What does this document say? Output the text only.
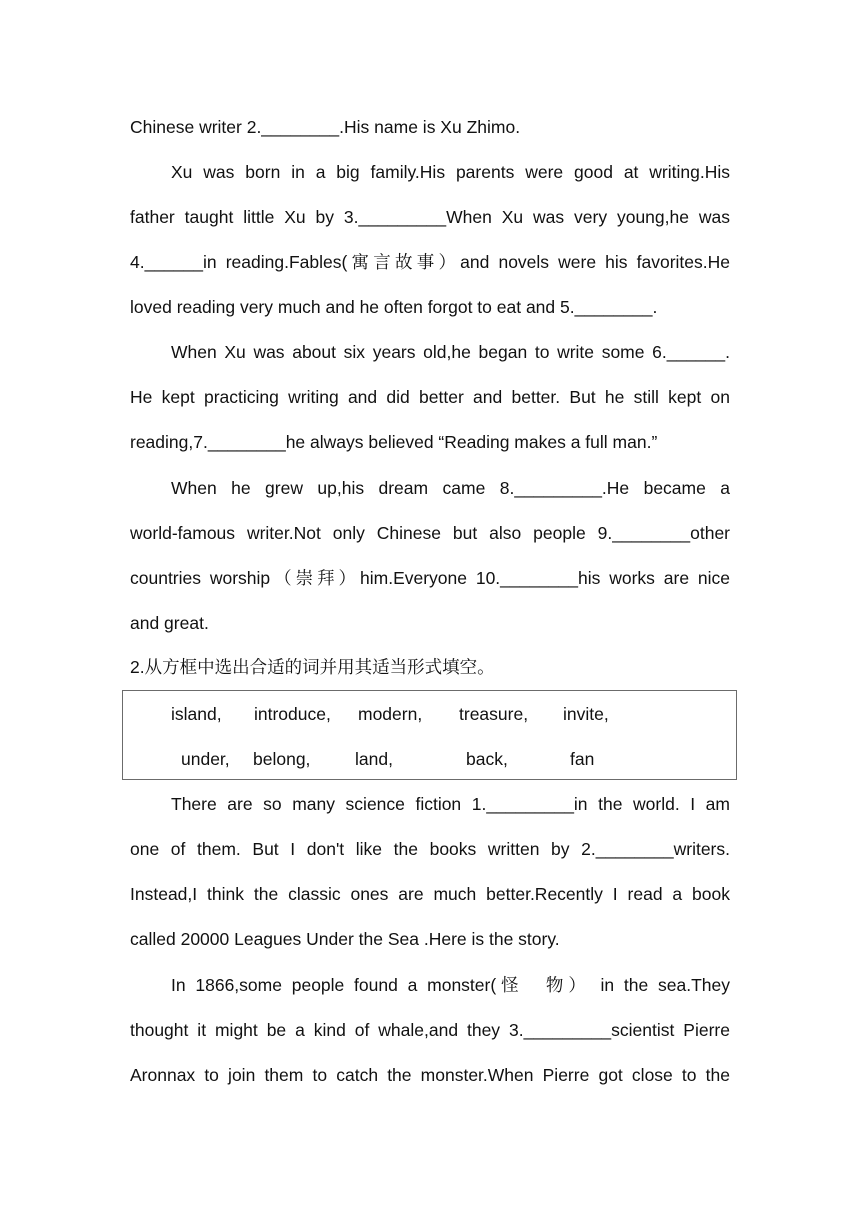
Chinese writer 2.________.His name is Xu Zhimo.
Xu was born in a big family.His parents were good at writing.His
father taught little Xu by 3._________When Xu was very young,he was
4.______in reading.Fables(寓言故事）and novels were his favorites.He
loved reading very much and he often forgot to eat and 5.________.
When Xu was about six years old,he began to write some 6.______.
He kept practicing writing and did better and better. But he still kept on
reading,7.________he always believed “Reading makes a full man.”
When he grew up,his dream came 8._________.He became a
world-famous writer.Not only Chinese but also people 9.________other
countries worship（崇拜）him.Everyone 10.________his works are nice
and great.
2.从方框中选出合适的词并用其适当形式填空。
island, introduce, modern, treasure, invite,
under, belong,	land,	back,	fan
There are so many science fiction 1._________in the world. I am
one of them. But I don't like the books written by 2.________writers.
Instead,I think the classic ones are much better.Recently I read a book
called 20000 Leagues Under the Sea .Here is the story.
In 1866,some people found a monster(怪　物） in the sea.They
thought it might be a kind of whale,and they 3._________scientist Pierre
Aronnax to join them to catch the monster.When Pierre got close to the
